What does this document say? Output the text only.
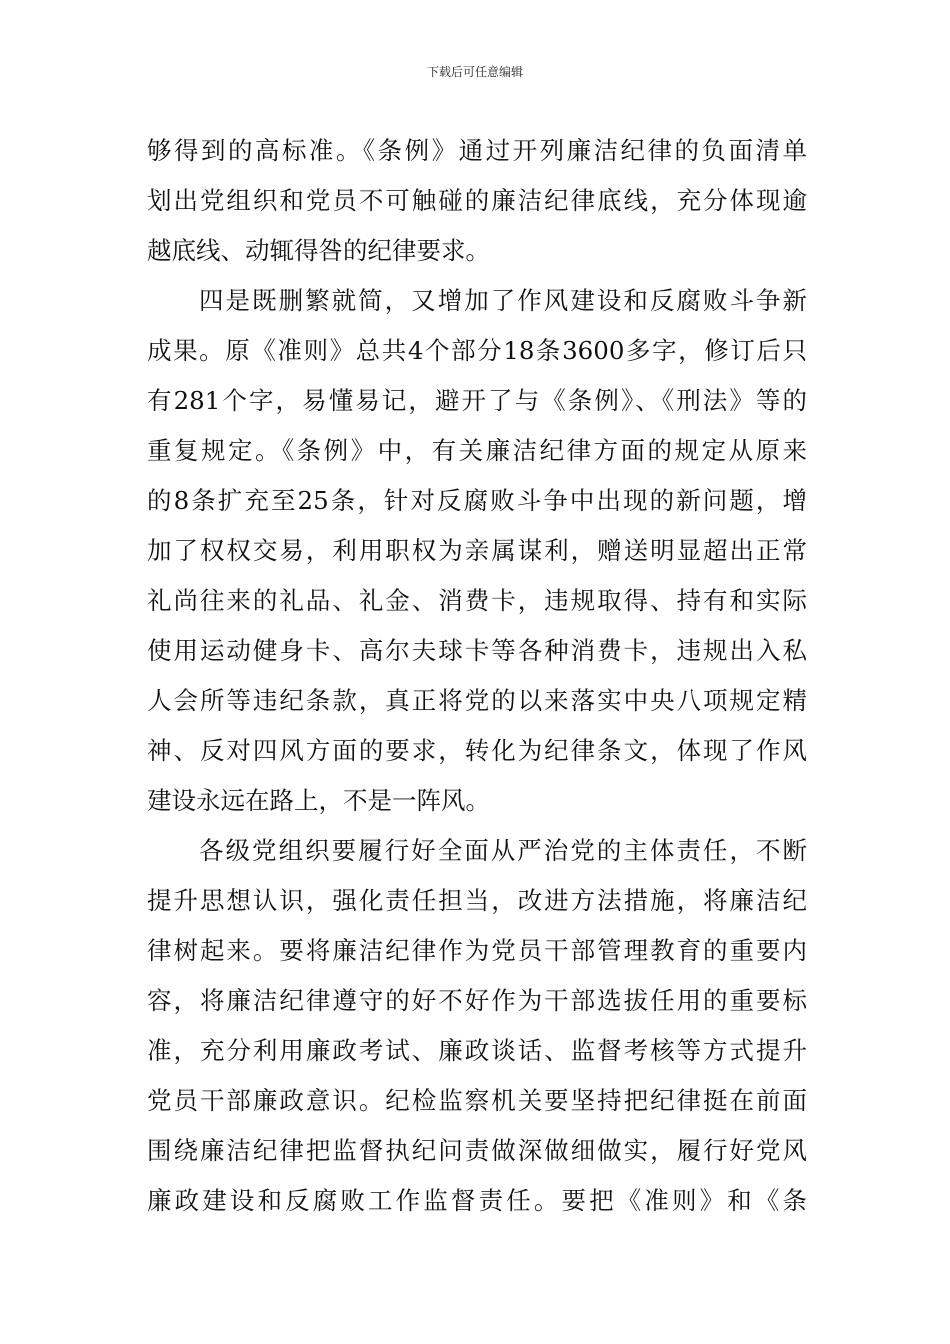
下载后可任意编辑
够得到的高标准。《条例》通过开列廉洁纪律的负面清单
划出党组织和党员不可触碰的廉洁纪律底线，充分体现逾
越底线、动辄得咎的纪律要求。
四是既删繁就简，又增加了作风建设和反腐败斗争新
成果。原《准则》总共4个部分18条3600多字，修订后只
有281个字，易懂易记，避开了与《条例》、《刑法》等的
重复规定。《条例》中，有关廉洁纪律方面的规定从原来
的8条扩充至25条，针对反腐败斗争中出现的新问题，增
加了权权交易，利用职权为亲属谋利，赠送明显超出正常
礼尚往来的礼品、礼金、消费卡，违规取得、持有和实际
使用运动健身卡、高尔夫球卡等各种消费卡，违规出入私
人会所等违纪条款，真正将党的以来落实中央八项规定精
神、反对四风方面的要求，转化为纪律条文，体现了作风
建设永远在路上，不是一阵风。
各级党组织要履行好全面从严治党的主体责任，不断
提升思想认识，强化责任担当，改进方法措施，将廉洁纪
律树起来。要将廉洁纪律作为党员干部管理教育的重要内
容，将廉洁纪律遵守的好不好作为干部选拔任用的重要标
准，充分利用廉政考试、廉政谈话、监督考核等方式提升
党员干部廉政意识。纪检监察机关要坚持把纪律挺在前面
围绕廉洁纪律把监督执纪问责做深做细做实，履行好党风
廉政建设和反腐败工作监督责任。要把《准则》和《条
